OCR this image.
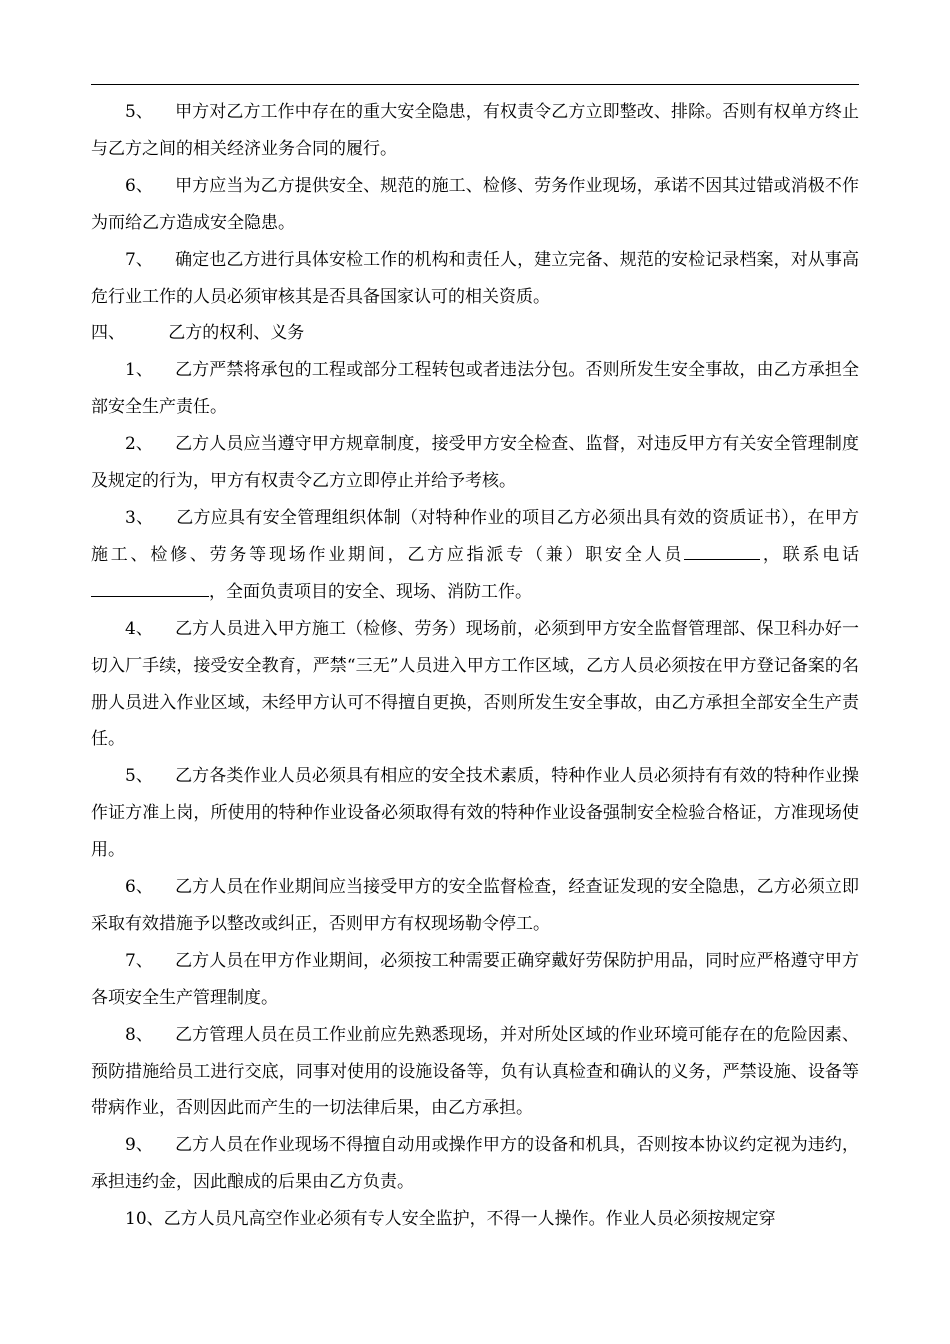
5、 甲方对乙方工作中存在的重大安全隐患，有权责令乙方立即整改、排除。否则有权单方终止与乙方之间的相关经济业务合同的履行。

6、 甲方应当为乙方提供安全、规范的施工、检修、劳务作业现场，承诺不因其过错或消极不作为而给乙方造成安全隐患。

7、 确定也乙方进行具体安检工作的机构和责任人，建立完备、规范的安检记录档案，对从事高危行业工作的人员必须审核其是否具备国家认可的相关资质。

四、	乙方的权利、义务

1、 乙方严禁将承包的工程或部分工程转包或者违法分包。否则所发生安全事故，由乙方承担全部安全生产责任。

2、 乙方人员应当遵守甲方规章制度，接受甲方安全检查、监督，对违反甲方有关安全管理制度及规定的行为，甲方有权责令乙方立即停止并给予考核。

3、 乙方应具有安全管理组织体制（对特种作业的项目乙方必须出具有效的资质证书），在甲方施工、检修、劳务等现场作业期间，乙方应指派专（兼）职安全人员	，联系电话，全面负责项目的安全、现场、消防工作。

4、 乙方人员进入甲方施工（检修、劳务）现场前，必须到甲方安全监督管理部、保卫科办好一切入厂手续，接受安全教育，严禁“三无”人员进入甲方工作区域，乙方人员必须按在甲方登记备案的名册人员进入作业区域，未经甲方认可不得擅自更换，否则所发生安全事故，由乙方承担全部安全生产责任。

5、 乙方各类作业人员必须具有相应的安全技术素质，特种作业人员必须持有有效的特种作业操作证方准上岗，所使用的特种作业设备必须取得有效的特种作业设备强制安全检验合格证，方准现场使用。

6、 乙方人员在作业期间应当接受甲方的安全监督检查，经查证发现的安全隐患，乙方必须立即采取有效措施予以整改或纠正，否则甲方有权现场勒令停工。

7、 乙方人员在甲方作业期间，必须按工种需要正确穿戴好劳保防护用品，同时应严格遵守甲方各项安全生产管理制度。

8、 乙方管理人员在员工作业前应先熟悉现场，并对所处区域的作业环境可能存在的危险因素、预防措施给员工进行交底，同事对使用的设施设备等，负有认真检查和确认的义务，严禁设施、设备等带病作业，否则因此而产生的一切法律后果，由乙方承担。

9、 乙方人员在作业现场不得擅自动用或操作甲方的设备和机具，否则按本协议约定视为违约，承担违约金，因此酿成的后果由乙方负责。

10、乙方人员凡高空作业必须有专人安全监护，不得一人操作。作业人员必须按规定穿
